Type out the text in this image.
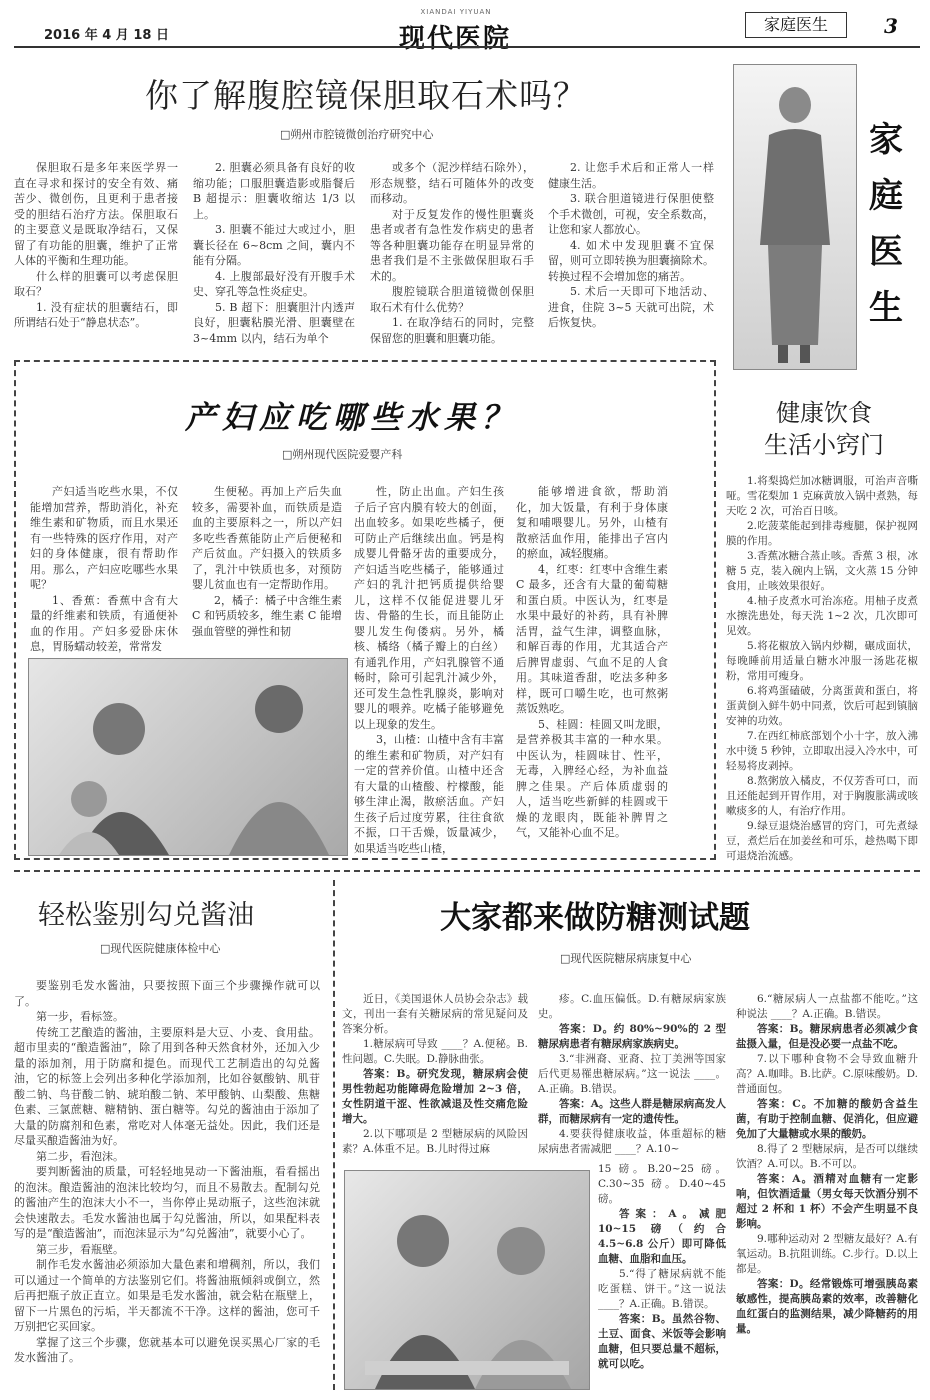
2016 年 4 月 18 日
XIANDAI YIYUAN
现代医院	家庭医生	3
你了解腹腔镜保胆取石术吗？
□朔州市腔镜微创治疗研究中心

保胆取石是多年来医学界一直在寻求和探讨的安全有效、痛苦少、微创伤，且更利于患者接受的胆结石治疗方法。保胆取石的主要意义是既取净结石，又保留了有功能的胆囊，维护了正常人体的平衡和生理功能。

什么样的胆囊可以考虑保胆取石？

1. 没有症状的胆囊结石，即所谓结石处于“静息状态”。

2. 胆囊必须具备有良好的收缩功能；口服胆囊造影或脂餐后 B 超提示：胆囊收缩达 1/3 以上。

3. 胆囊不能过大或过小，胆囊长径在 6~8cm 之间，囊内不能有分隔。

4. 上腹部最好没有开腹手术史、穿孔等急性炎症史。

5. B 超下：胆囊胆汁内透声良好，胆囊粘膜光滑、胆囊壁在 3~4mm 以内，结石为单个

或多个（泥沙样结石除外），形态规整，结石可随体外的改变而移动。

对于反复发作的慢性胆囊炎患者或者有急性发作病史的患者等各种胆囊功能存在明显异常的患者我们是不主张做保胆取石手术的。

腹腔镜联合胆道镜微创保胆取石术有什么优势？

1. 在取净结石的同时，完整保留您的胆囊和胆囊功能。

2. 让您手术后和正常人一样健康生活。

3. 联合胆道镜进行保胆使整个手术微创，可视，安全系数高，让您和家人都放心。

4. 如术中发现胆囊不宜保留，则可立即转换为胆囊摘除术。转换过程不会增加您的痛苦。

5. 术后一天即可下地活动、进食，住院 3~5 天就可出院，术后恢复快。

家
庭
医
生
产妇应吃哪些水果？
□朔州现代医院爱婴产科

产妇适当吃些水果，不仅能增加营养，帮助消化，补充维生素和矿物质，而且水果还有一些特殊的医疗作用，对产妇的身体健康，很有帮助作用。那么，产妇应吃哪些水果呢？

1、香蕉：香蕉中含有大量的纤维素和铁质，有通便补血的作用。产妇多爱卧床休息，胃肠蠕动较差，常常发

生便秘。再加上产后失血较多，需要补血，而铁质是造血的主要原料之一，所以产妇多吃些香蕉能防止产后便秘和产后贫血。产妇摄入的铁质多了，乳汁中铁质也多，对预防婴儿贫血也有一定帮助作用。

2，橘子：橘子中含维生素 C 和钙质较多，维生素 C 能增强血管壁的弹性和韧

性，防止出血。产妇生孩子后子宫内膜有较大的创面，出血较多。如果吃些橘子，便可防止产后继续出血。钙是构成婴儿骨骼牙齿的重要成分，产妇适当吃些橘子，能够通过产妇的乳汁把钙质提供给婴儿，这样不仅能促进婴儿牙齿、骨骼的生长，而且能防止婴儿发生佝偻病。另外，橘核、橘络（橘子瓣上的白丝）有通乳作用，产妇乳腺管不通畅时，除可引起乳汁减少外，还可发生急性乳腺炎，影响对婴儿的喂养。吃橘子能够避免以上现象的发生。

3，山楂：山楂中含有丰富的维生素和矿物质，对产妇有一定的营养价值。山楂中还含有大量的山楂酸、柠檬酸，能够生津止渴，散瘀活血。产妇生孩子后过度劳累，往往食欲不振，口干舌燥，饭量减少，如果适当吃些山楂，

能够增进食欲，帮助消化，加大饭量，有利于身体康复和哺喂婴儿。另外，山楂有散瘀活血作用，能排出子宫内的瘀血，减轻腹痛。

4，红枣：红枣中含维生素 C 最多，还含有大量的葡萄糖和蛋白质。中医认为，红枣是水果中最好的补药，具有补脾活胃，益气生津，调整血脉，和解百毒的作用，尤其适合产后脾胃虚弱、气血不足的人食用。其味道香甜，吃法多种多样，既可口嚼生吃，也可熬粥蒸饭熟吃。

5、桂圆：桂圆又叫龙眼，是营养极其丰富的一种水果。中医认为，桂圆味甘、性平，无毒，入脾经心经，为补血益脾之佳果。产后体质虚弱的人，适当吃些新鲜的桂圆或干燥的龙眼肉，既能补脾胃之气，又能补心血不足。

健康饮食
生活小窍门

1.将梨捣烂加冰糖调服，可治声音嘶哑。雪花梨加 1 克麻黄放入锅中煮熟，每天吃 2 次，可治百日咳。

2.吃菠菜能起到排毒瘦腿，保护视网膜的作用。

3.香蕉冰糖合蒸止咳。香蕉 3 根，冰糖 5 克，装入碗内上锅，文火蒸 15 分钟食用，止咳效果很好。

4.柚子皮煮水可治冻疮。用柚子皮煮水擦洗患处，每天洗 1~2 次，几次即可见效。

5.将花椒放入锅内炒糊，碾成面状，每晚睡前用适量白糖水冲服一汤匙花椒粉，常用可瘦身。

6.将鸡蛋磕破，分离蛋黄和蛋白，将蛋黄倒入鲜牛奶中同煮，饮后可起到镇脑安神的功效。

7.在西红柿底部划个小十字，放入沸水中烫 5 秒钟，立即取出浸入冷水中，可轻易将皮剥掉。

8.熬粥放入橘皮，不仅芳香可口，而且还能起到开胃作用，对于胸腹胀满或咳嗽痰多的人，有治疗作用。

9.绿豆退烧治感冒的窍门，可先煮绿豆，煮烂后在加姜丝和可乐，趁热喝下即可退烧治流感。

轻松鉴别勾兑酱油
□现代医院健康体检中心

要鉴别毛发水酱油，只要按照下面三个步骤操作就可以了。

第一步，看标签。

传统工艺酿造的酱油，主要原料是大豆、小麦、食用盐。超市里卖的“酿造酱油”，除了用到各种天然食材外，还加入少量的添加剂，用于防腐和提色。而现代工艺制造出的勾兑酱油，它的标签上会列出多种化学添加剂，比如谷氨酸钠、肌苷酸二钠、鸟苷酸二钠、琥珀酸二钠、苯甲酸钠、山梨酸、焦糖色素、三氯蔗糖、糖精钠、蛋白糖等。勾兑的酱油由于添加了大量的防腐剂和色素，常吃对人体毫无益处。因此，我们还是尽量买酿造酱油为好。

第二步，看泡沫。

要判断酱油的质量，可轻轻地晃动一下酱油瓶，看看摇出的泡沫。酿造酱油的泡沫比较均匀，而且不易散去。配制勾兑的酱油产生的泡沫大小不一，当你停止晃动瓶子，这些泡沫就会快速散去。毛发水酱油也属于勾兑酱油，所以，如果配料表写的是“酿造酱油”，而泡沫显示为“勾兑酱油”，就要小心了。

第三步，看瓶壁。

制作毛发水酱油必须添加大量色素和增稠剂，所以，我们可以通过一个简单的方法鉴别它们。将酱油瓶倾斜或倒立，然后再把瓶子放正直立。如果是毛发水酱油，就会粘在瓶壁上，留下一片黑色的污垢，半天都流不干净。这样的酱油，您可千万别把它买回家。

掌握了这三个步骤，您就基本可以避免误买黑心厂家的毛发水酱油了。

大家都来做防糖测试题
□现代医院糖尿病康复中心

近日，《美国退休人员协会杂志》载文，刊出一套有关糖尿病的常见疑问及答案分析。

1.糖尿病可导致 ____？A.便秘。B.性问题。C.失眠。D.静脉曲张。

答案：B。研究发现，糖尿病会使男性勃起功能障碍危险增加 2~3 倍，女性阴道干涩、性欲减退及性交痛危险增大。

2.以下哪项是 2 型糖尿病的风险因素？A.体重不足。B.儿时得过麻

疹。C.血压偏低。D.有糖尿病家族史。

答案：D。约 80%~90%的 2 型糖尿病患者有糖尿病家族病史。

3.“非洲裔、亚裔、拉丁美洲等国家后代更易罹患糖尿病。”这一说法 ____。A.正确。B.错误。

答案：A。这些人群是糖尿病高发人群，而糖尿病有一定的遗传性。

4.要获得健康收益，体重超标的糖尿病患者需减肥 ____？A.10~

15 磅。B.20~25 磅。C.30~35 磅。D.40~45 磅。

答案：A。减肥 10~15 磅（约合 4.5~6.8 公斤）即可降低血糖、血脂和血压。

5.“得了糖尿病就不能吃蛋糕、饼干。”这一说法 ____？A.正确。B.错误。

答案：B。虽然谷物、土豆、面食、米饭等会影响血糖，但只要总量不超标，就可以吃。

6.“糖尿病人一点盐都不能吃。”这种说法 ____？A.正确。B.错误。

答案：B。糖尿病患者必须减少食盐摄入量，但是没必要一点盐不吃。

7.以下哪种食物不会导致血糖升高？A.咖啡。B.比萨。C.原味酸奶。D.普通面包。

答案：C。不加糖的酸奶含益生菌，有助于控制血糖、促消化，但应避免加了大量糖或水果的酸奶。

8.得了 2 型糖尿病，是否可以继续饮酒？A.可以。B.不可以。

答案：A。酒精对血糖有一定影响，但饮酒适量（男女每天饮酒分别不超过 2 杯和 1 杯）不会产生明显不良影响。

9.哪种运动对 2 型糖友最好？A.有氧运动。B.抗阻训练。C.步行。D.以上都是。

答案：D。经常锻炼可增强胰岛素敏感性，提高胰岛素的效率，改善糖化血红蛋白的监测结果，减少降糖药的用量。
